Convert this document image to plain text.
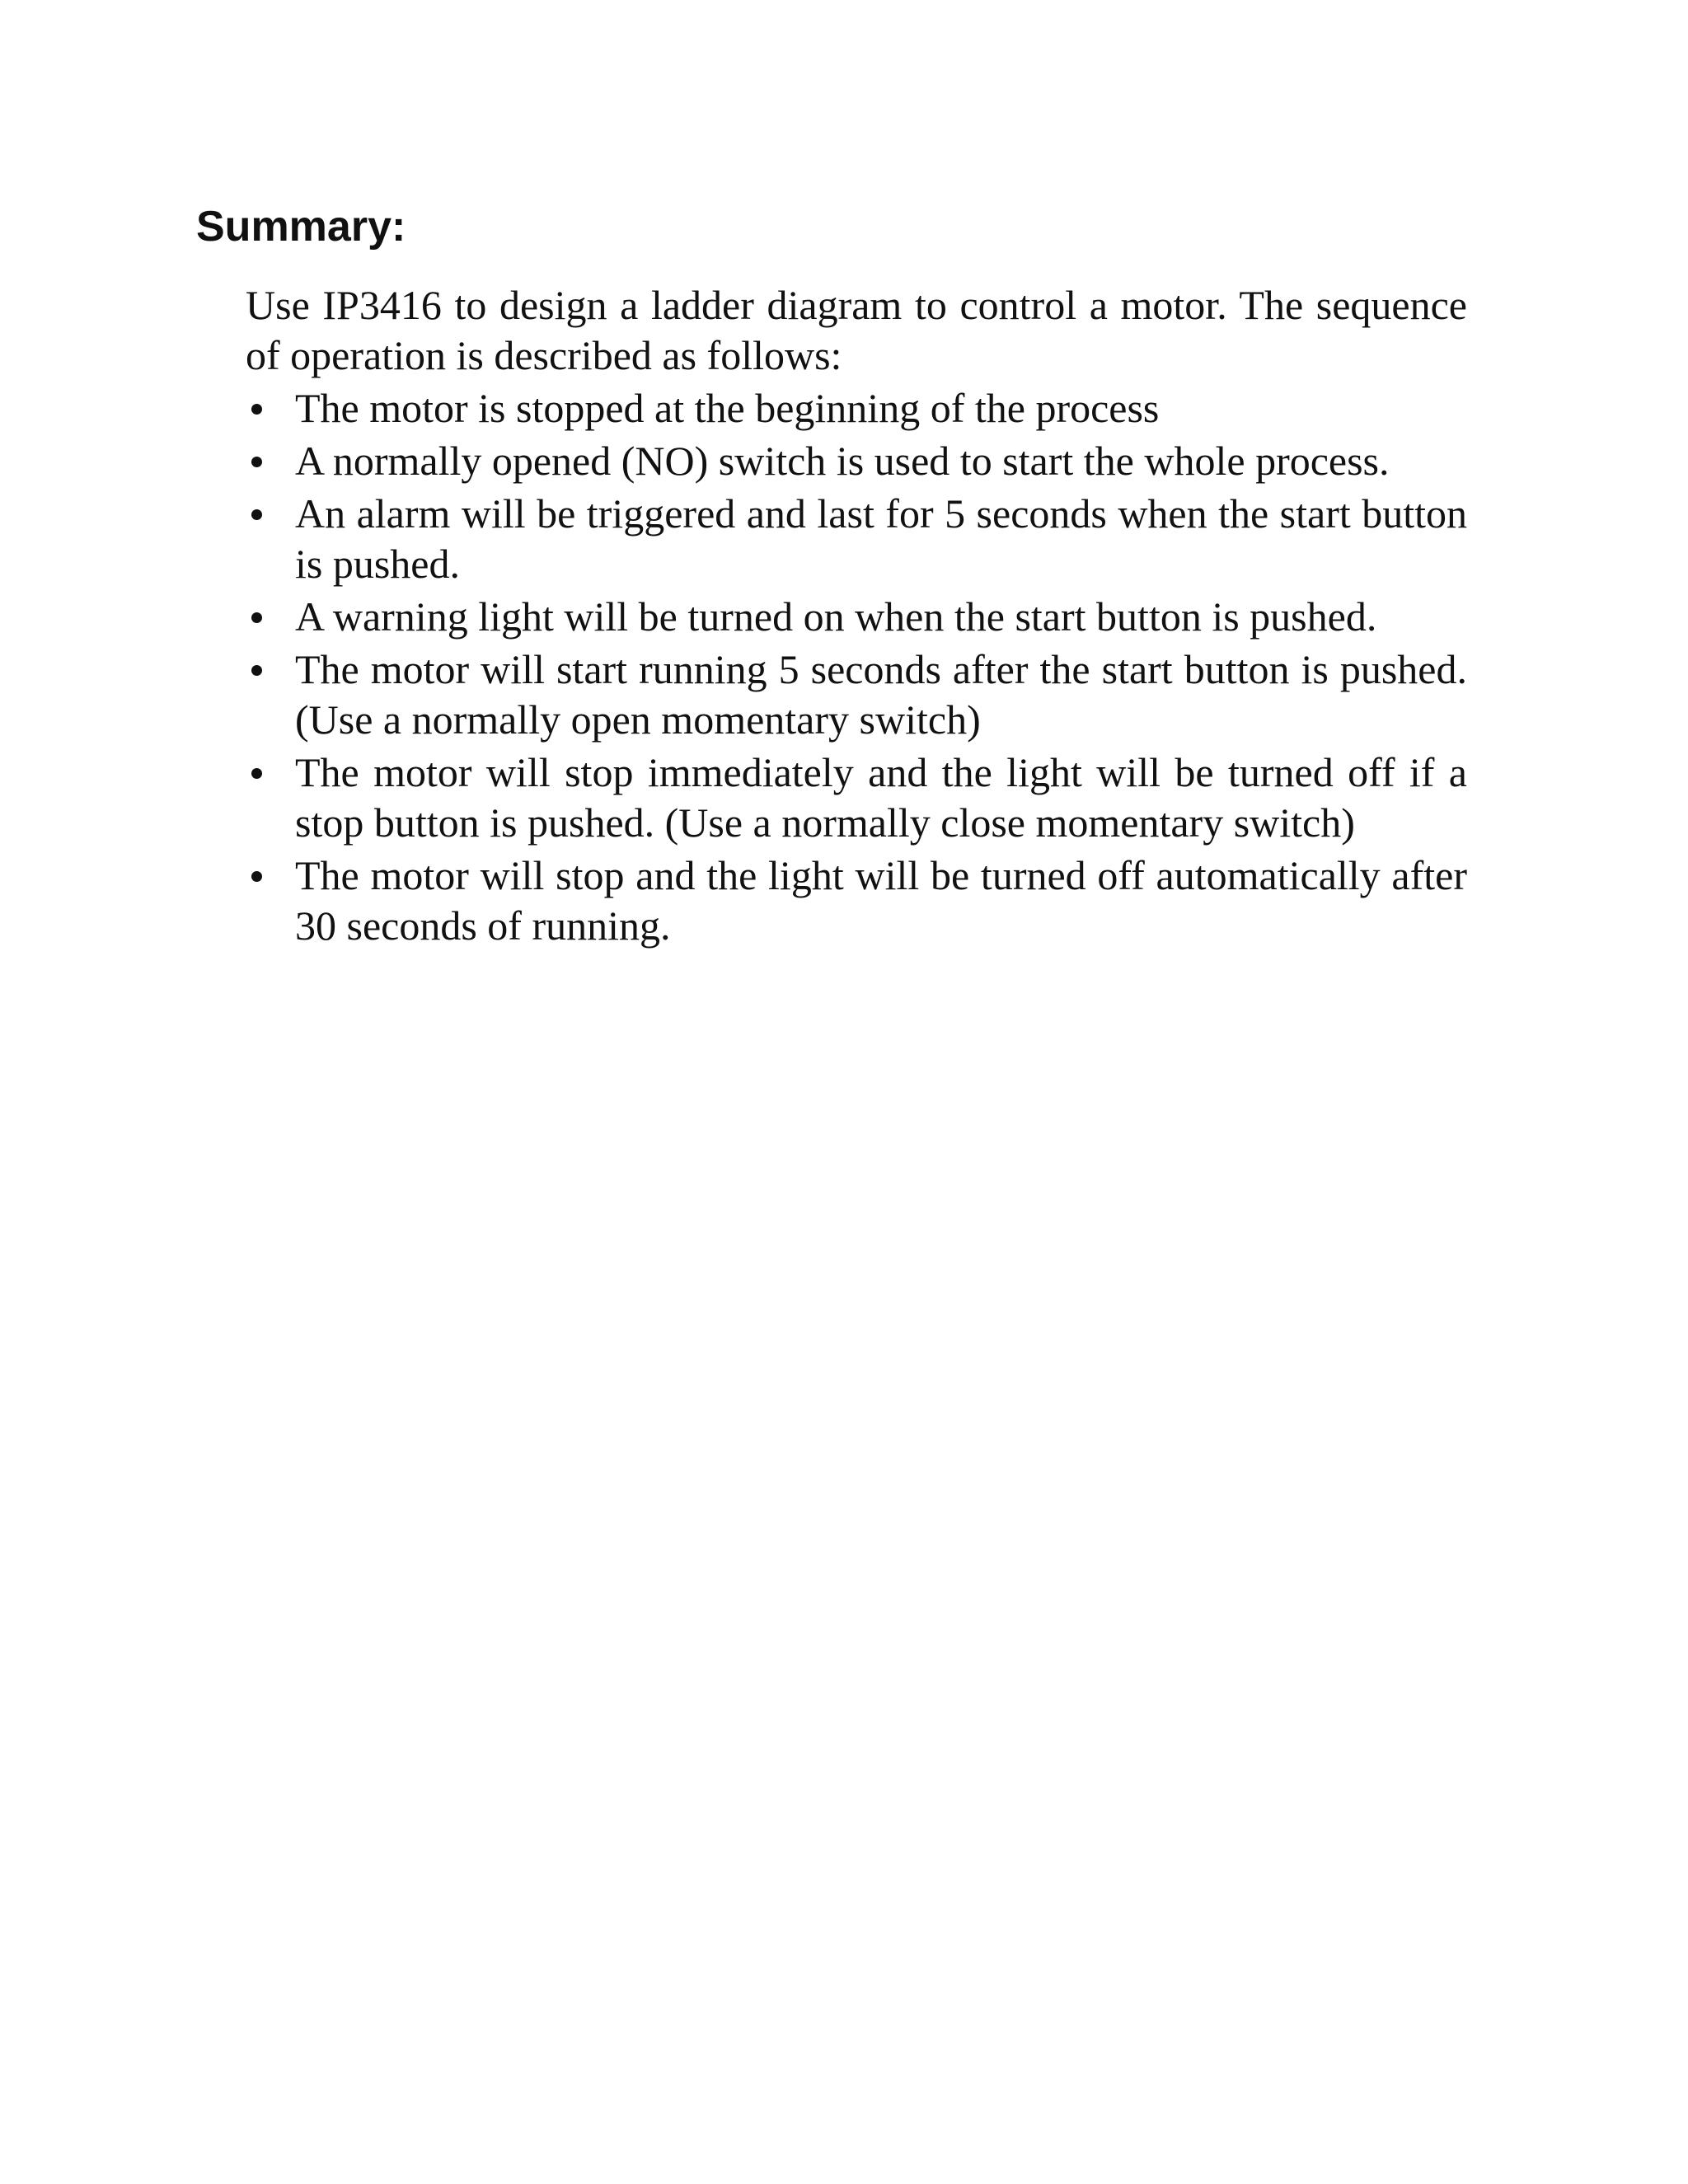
Summary:

Use IP3416 to design a ladder diagram to control a motor. The sequence of operation is described as follows:

The motor is stopped at the beginning of the process
A normally opened (NO) switch is used to start the whole process.
An alarm will be triggered and last for 5 seconds when the start button is pushed.
A warning light will be turned on when the start button is pushed.
The motor will start running 5 seconds after the start button is pushed. (Use a normally open momentary switch)
The motor will stop immediately and the light will be turned off if a stop button is pushed. (Use a normally close momentary switch)
The motor will stop and the light will be turned off automatically after 30 seconds of running.
